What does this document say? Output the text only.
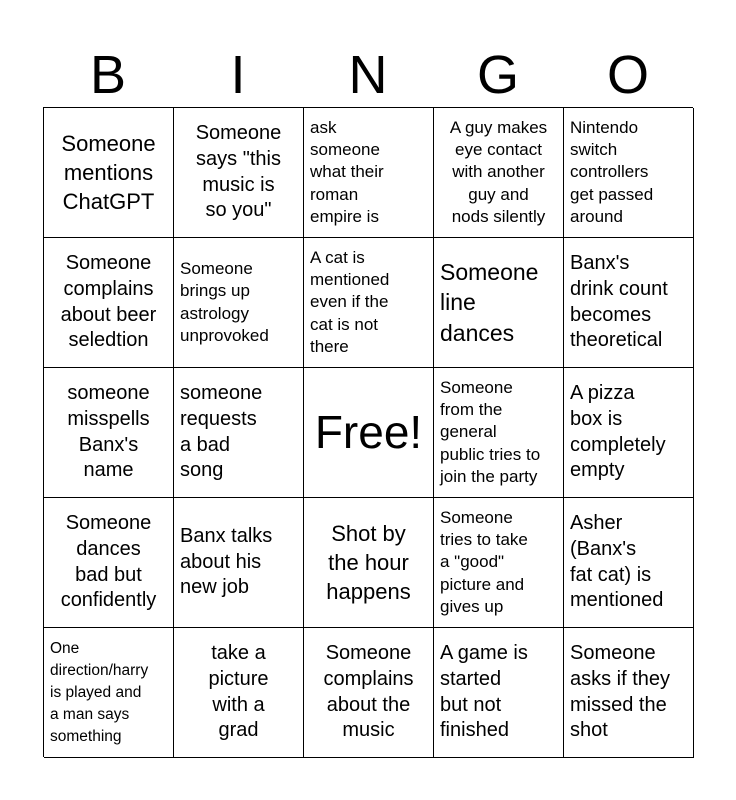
B	I	N	G	O
Someone
mentions
ChatGPT
Someone
says "this
music is
so you"
ask
someone
what their
roman
empire is
A guy makes
eye contact
with another
guy and
nods silently
Nintendo
switch
controllers
get passed
around
Someone
complains
about beer
seledtion
Someone
brings up
astrology
unprovoked
A cat is
mentioned
even if the
cat is not
there
Someone
line
dances
Banx's
drink count
becomes
theoretical
someone
misspells
Banx's
name
someone
requests
a bad
song
Free!
Someone
from the
general
public tries to
join the party
A pizza
box is
completely
empty
Someone
dances
bad but
confidently
Banx talks
about his
new job
Shot by
the hour
happens
Someone
tries to take
a "good"
picture and
gives up
Asher
(Banx's
fat cat) is
mentioned
One
direction/harry
is played and
a man says
something
take a
picture
with a
grad
Someone
complains
about the
music
A game is
started
but not
finished
Someone
asks if they
missed the
shot
